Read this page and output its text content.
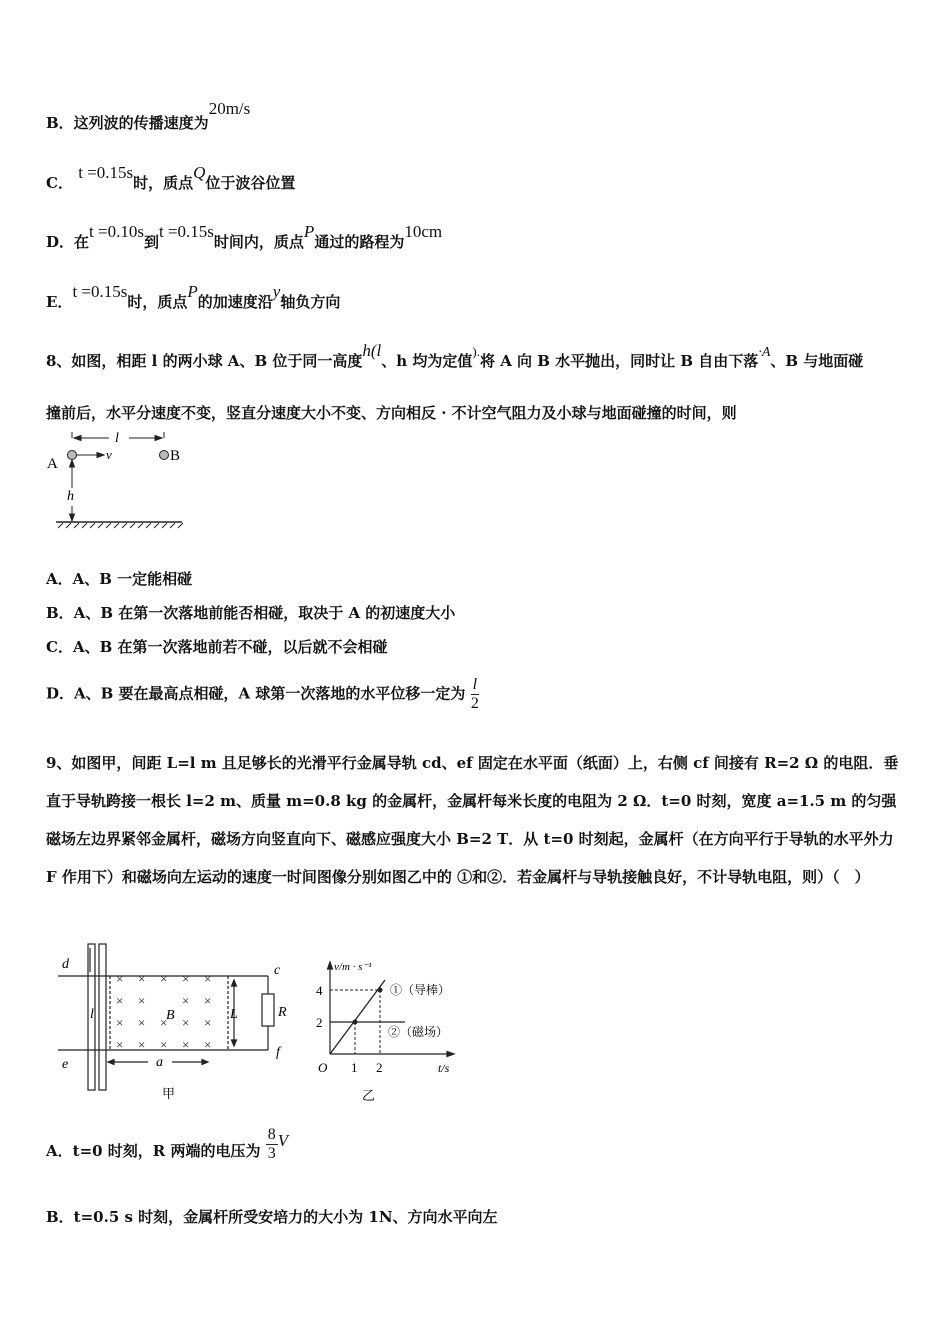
B．这列波的传播速度为20m/s
C． t =0.15s时，质点Q位于波谷位置
D．在t =0.10s到t =0.15s时间内，质点P通过的路程为10cm
E．t =0.15s时，质点P的加速度沿y轴负方向
8、如图，相距 l 的两小球 A、B 位于同一高度h(l、h 均为定值).将 A 向 B 水平抛出，同时让 B 自由下落·A、B 与地面碰
撞前后，水平分速度不变，竖直分速度大小不变、方向相反 · 不计空气阻力及小球与地面碰撞的时间，则
l
v
A	B
h
A．A、B 一定能相碰
B．A、B 在第一次落地前能否相碰，取决于 A 的初速度大小
C．A、B 在第一次落地前若不碰，以后就不会相碰
D．A、B 要在最高点相碰，A 球第一次落地的水平位移一定为 $\frac{l}{2}$
9、如图甲，间距 L=l m 且足够长的光滑平行金属导轨 cd、ef 固定在水平面（纸面）上，右侧 cf 间接有 R=2 Ω 的电阻．垂直于导轨跨接一根长 l=2 m、质量 m=0.8 kg 的金属杆，金属杆每米长度的电阻为 2 Ω．t=0 时刻，宽度 a=1.5 m 的匀强磁场左边界紧邻金属杆，磁场方向竖直向下、磁感应强度大小 B=2 T．从 t=0 时刻起，金属杆（在方向平行于导轨的水平外力 F 作用下）和磁场向左运动的速度一时间图像分别如图乙中的 ①和②．若金属杆与导轨接触良好，不计导轨电阻，则）（　）
× × × × ×
× ×	× ×
× × × × ×
× × × × ×
d	c
e
f
l	L
B	R
a
甲
v/m · s⁻¹
t/s
O
2
4
1 2
①（导棒）
②（磁场）
乙
A．t=0 时刻，R 两端的电压为 $\frac{8}{3}$ V
B．t=0.5 s 时刻，金属杆所受安培力的大小为 1N、方向水平向左
